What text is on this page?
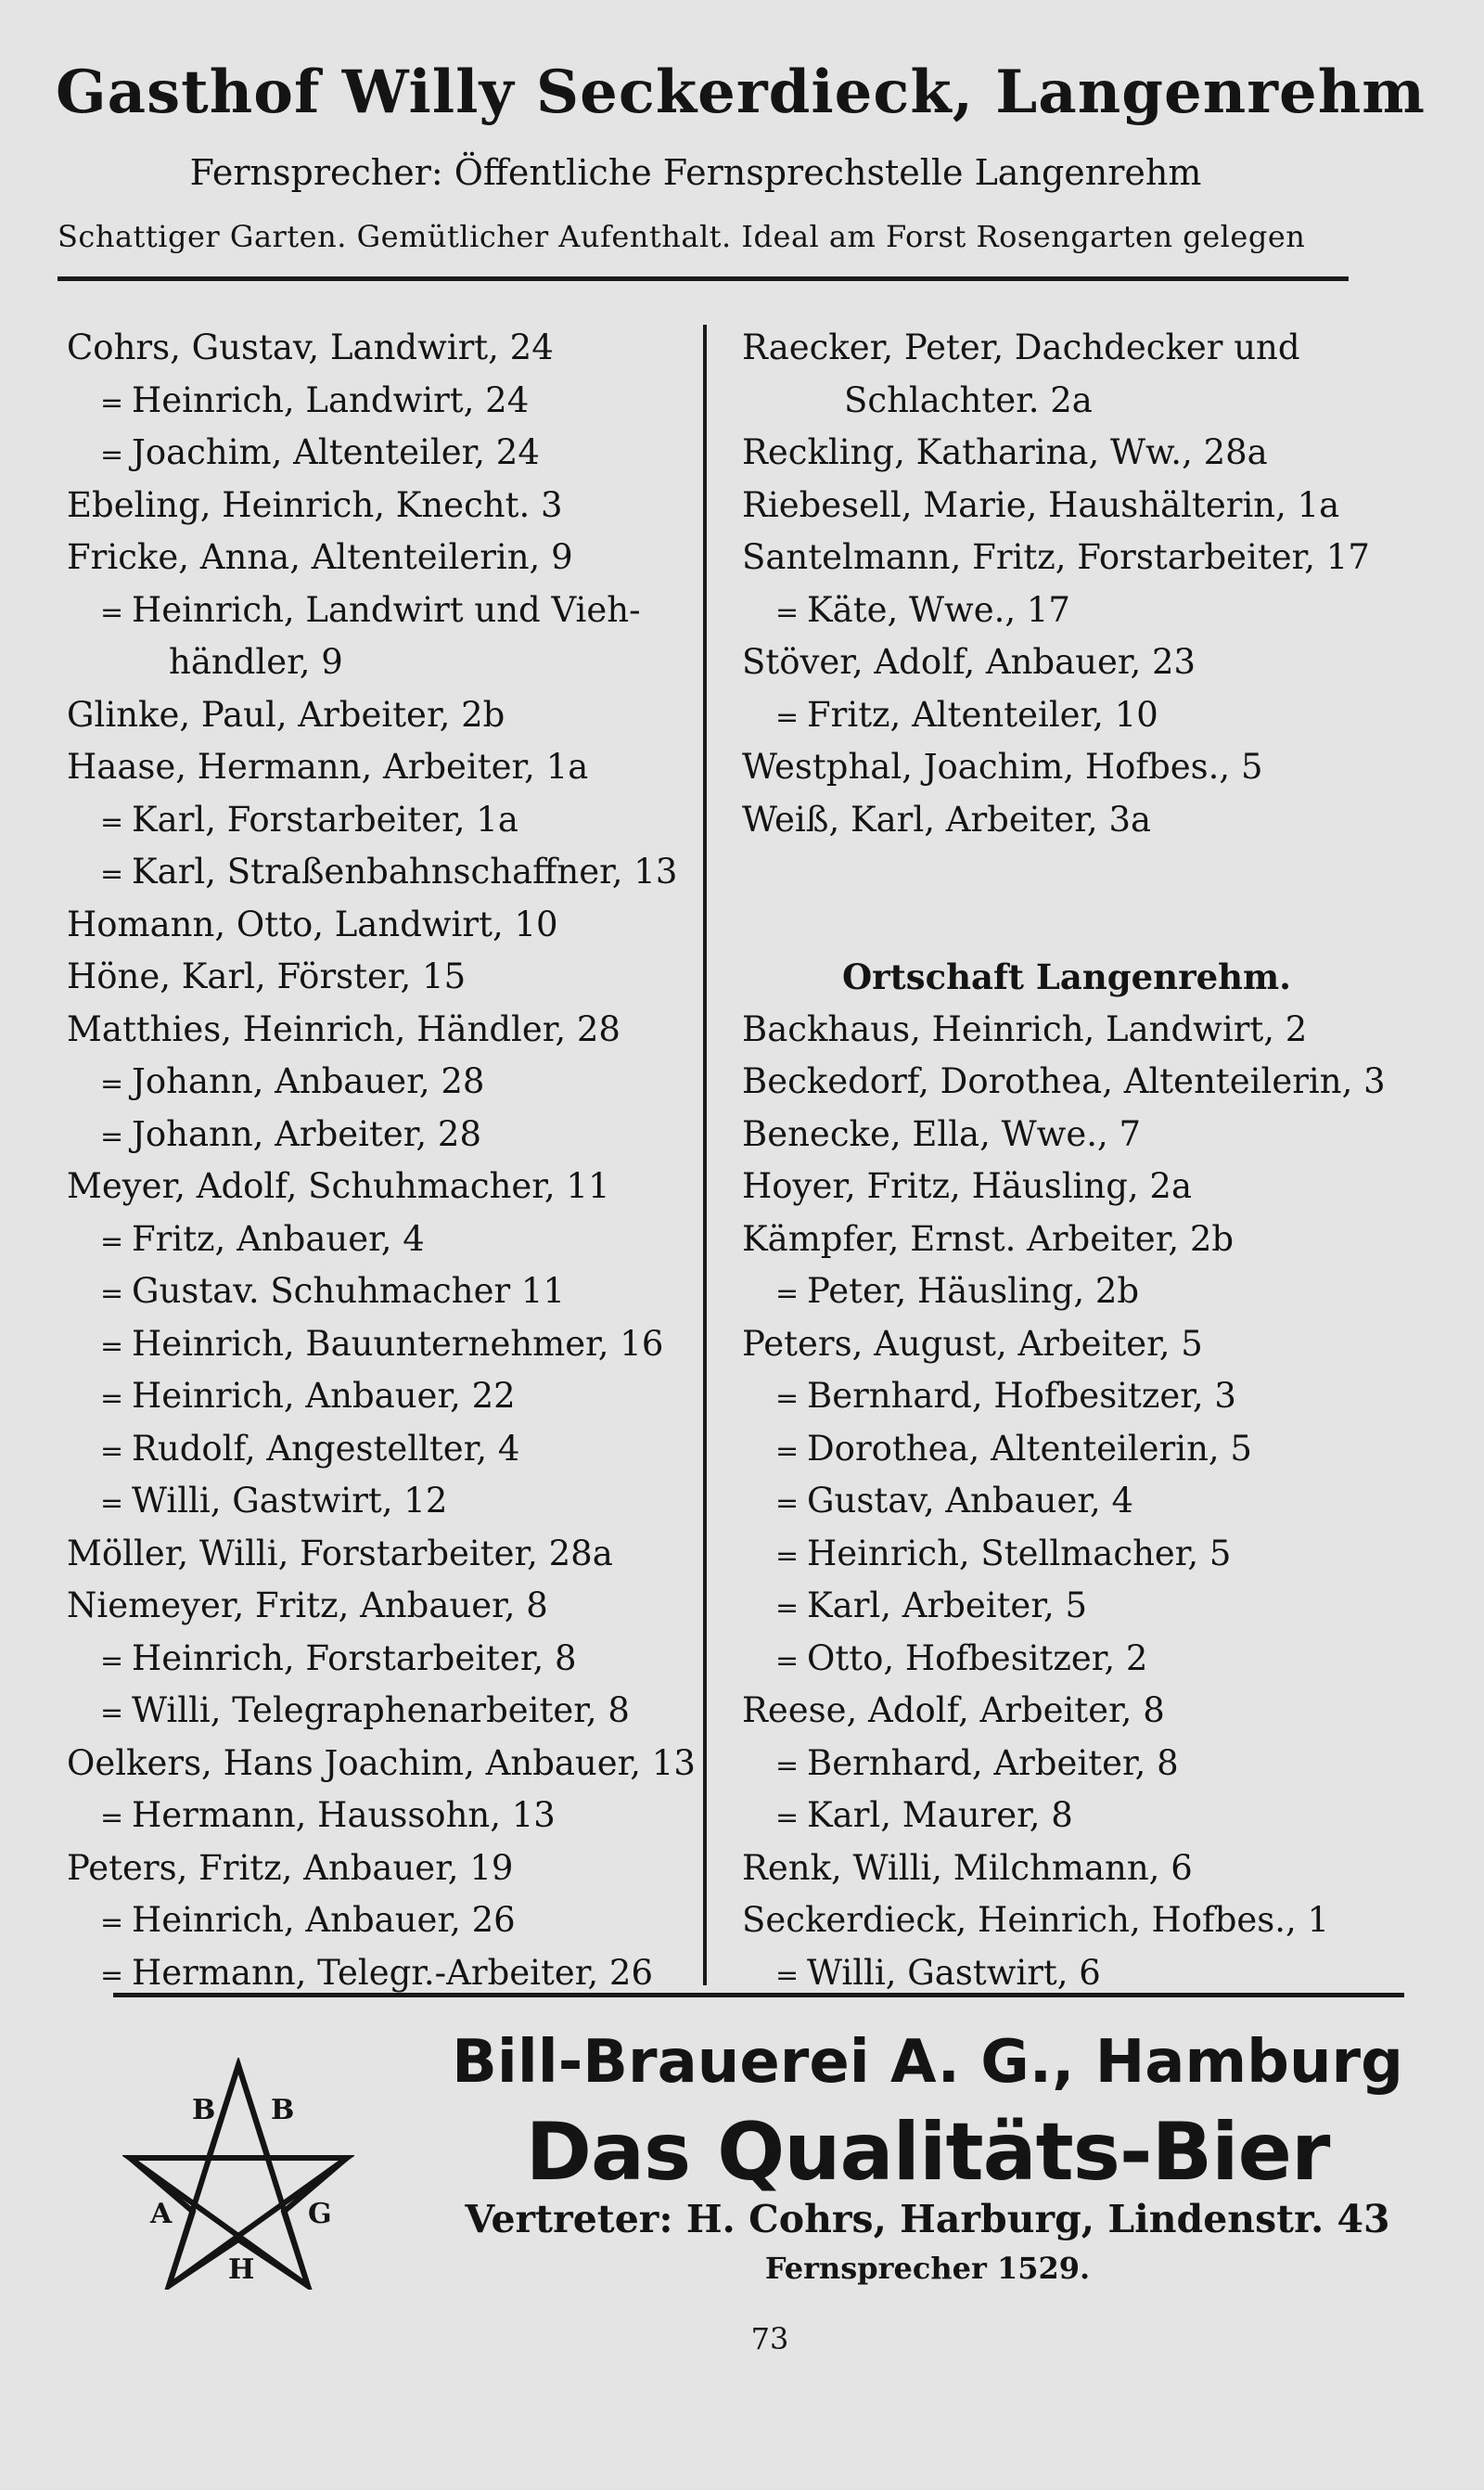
Gasthof Willy Seckerdieck, Langenrehm
Fernsprecher: Öffentliche Fernsprechstelle Langenrehm
Schattiger Garten. Gemütlicher Aufenthalt. Ideal am Forst Rosengarten gelegen
Cohrs, Gustav, Landwirt, 24
= Heinrich, Landwirt, 24
= Joachim, Altenteiler, 24
Ebeling, Heinrich, Knecht. 3
Fricke, Anna, Altenteilerin, 9
= Heinrich, Landwirt und Vieh-
händler, 9
Glinke, Paul, Arbeiter, 2b
Haase, Hermann, Arbeiter, 1a
= Karl, Forstarbeiter, 1a
= Karl, Straßenbahnschaffner, 13
Homann, Otto, Landwirt, 10
Höne, Karl, Förster, 15
Matthies, Heinrich, Händler, 28
= Johann, Anbauer, 28
= Johann, Arbeiter, 28
Meyer, Adolf, Schuhmacher, 11
= Fritz, Anbauer, 4
= Gustav. Schuhmacher 11
= Heinrich, Bauunternehmer, 16
= Heinrich, Anbauer, 22
= Rudolf, Angestellter, 4
= Willi, Gastwirt, 12
Möller, Willi, Forstarbeiter, 28a
Niemeyer, Fritz, Anbauer, 8
= Heinrich, Forstarbeiter, 8
= Willi, Telegraphenarbeiter, 8
Oelkers, Hans Joachim, Anbauer, 13
= Hermann, Haussohn, 13
Peters, Fritz, Anbauer, 19
= Heinrich, Anbauer, 26
= Hermann, Telegr.-Arbeiter, 26
Raecker, Peter, Dachdecker und
Schlachter. 2a
Reckling, Katharina, Ww., 28a
Riebesell, Marie, Haushälterin, 1a
Santelmann, Fritz, Forstarbeiter, 17
= Käte, Wwe., 17
Stöver, Adolf, Anbauer, 23
= Fritz, Altenteiler, 10
Westphal, Joachim, Hofbes., 5
Weiß, Karl, Arbeiter, 3a
Ortschaft Langenrehm.
Backhaus, Heinrich, Landwirt, 2
Beckedorf, Dorothea, Altenteilerin, 3
Benecke, Ella, Wwe., 7
Hoyer, Fritz, Häusling, 2a
Kämpfer, Ernst. Arbeiter, 2b
= Peter, Häusling, 2b
Peters, August, Arbeiter, 5
= Bernhard, Hofbesitzer, 3
= Dorothea, Altenteilerin, 5
= Gustav, Anbauer, 4
= Heinrich, Stellmacher, 5
= Karl, Arbeiter, 5
= Otto, Hofbesitzer, 2
Reese, Adolf, Arbeiter, 8
= Bernhard, Arbeiter, 8
= Karl, Maurer, 8
Renk, Willi, Milchmann, 6
Seckerdieck, Heinrich, Hofbes., 1
= Willi, Gastwirt, 6
B B
A	G
H
Bill-Brauerei A. G., Hamburg
Das Qualitäts-Bier
Vertreter: H. Cohrs, Harburg, Lindenstr. 43
Fernsprecher 1529.
73
